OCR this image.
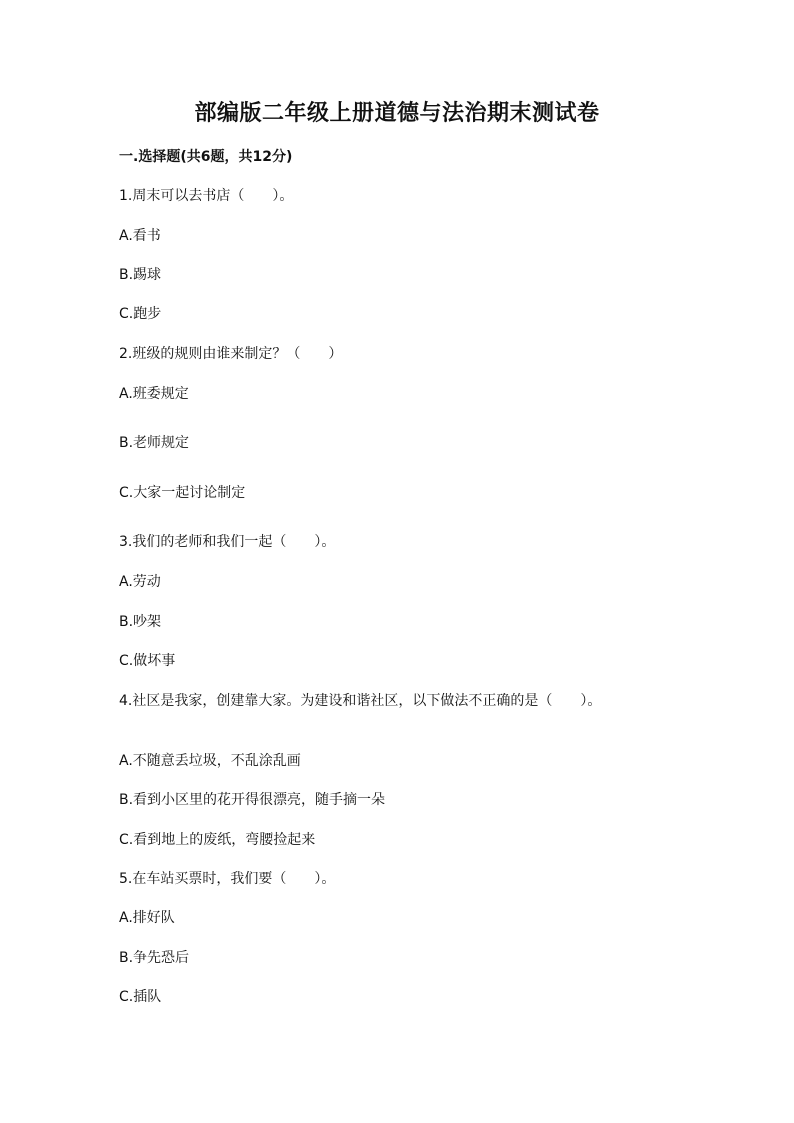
部编版二年级上册道德与法治期末测试卷
一.选择题(共6题，共12分)
1.周末可以去书店（　　）。
A.看书
B.踢球
C.跑步
2.班级的规则由谁来制定？（　　）
A.班委规定
B.老师规定
C.大家一起讨论制定
3.我们的老师和我们一起（　　）。
A.劳动
B.吵架
C.做坏事
4.社区是我家，创建靠大家。为建设和谐社区，以下做法不正确的是（　　）。
A.不随意丢垃圾，不乱涂乱画
B.看到小区里的花开得很漂亮，随手摘一朵
C.看到地上的废纸，弯腰捡起来
5.在车站买票时，我们要（　　）。
A.排好队
B.争先恐后
C.插队
